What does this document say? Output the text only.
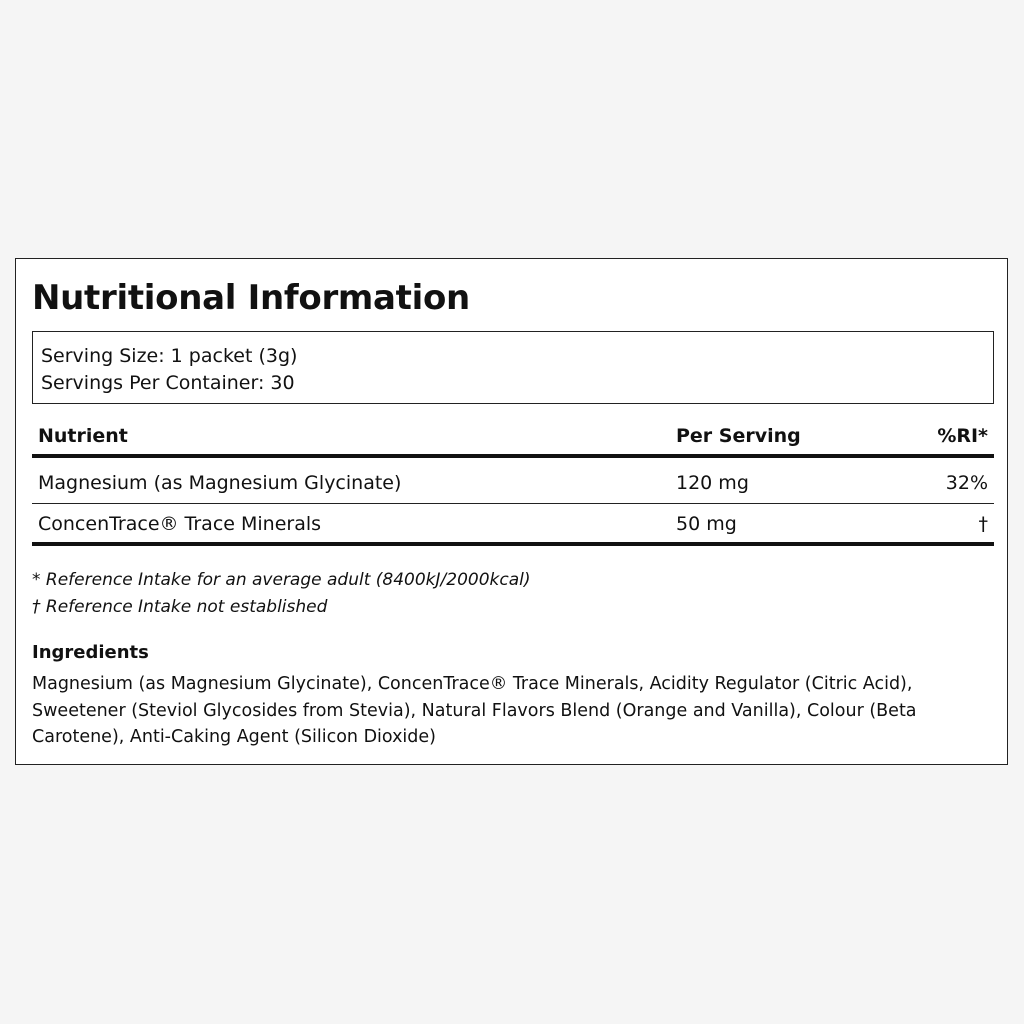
Nutritional Information
Serving Size: 1 packet (3g)
Servings Per Container: 30
Nutrient	Per Serving	%RI*
Magnesium (as Magnesium Glycinate)	120 mg	32%
ConcenTrace® Trace Minerals	50 mg	†
* Reference Intake for an average adult (8400kJ/2000kcal)
† Reference Intake not established
Ingredients

Magnesium (as Magnesium Glycinate), ConcenTrace® Trace Minerals, Acidity Regulator (Citric Acid), Sweetener (Steviol Glycosides from Stevia), Natural Flavors Blend (Orange and Vanilla), Colour (Beta Carotene), Anti-Caking Agent (Silicon Dioxide)
